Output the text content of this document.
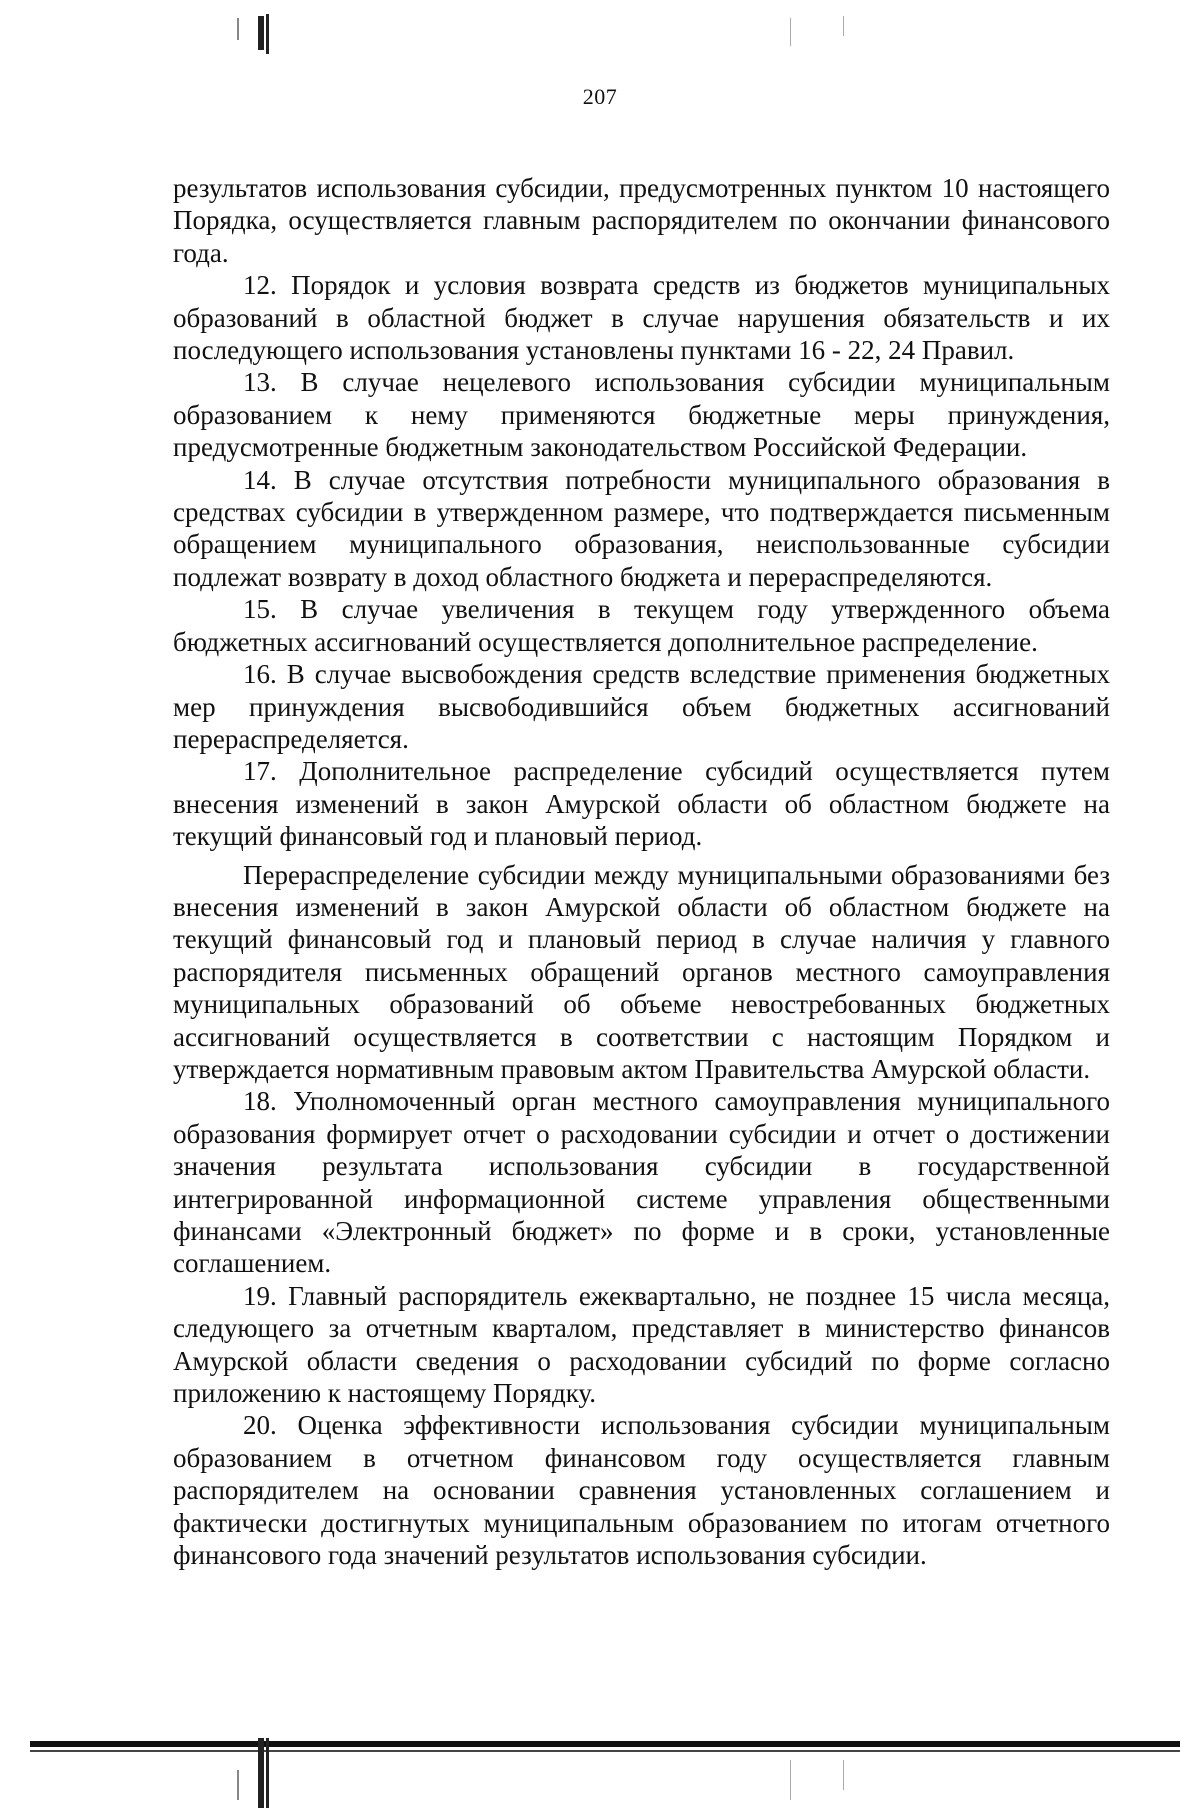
207

результатов использования субсидии, предусмотренных пунктом 10 настоящего Порядка, осуществляется главным распорядителем по окончании финансового года.

12. Порядок и условия возврата средств из бюджетов муниципальных образований в областной бюджет в случае нарушения обязательств и их последующего использования установлены пунктами 16 - 22, 24 Правил.

13. В случае нецелевого использования субсидии муниципальным образованием к нему применяются бюджетные меры принуждения, предусмотренные бюджетным законодательством Российской Федерации.

14. В случае отсутствия потребности муниципального образования в средствах субсидии в утвержденном размере, что подтверждается письменным обращением муниципального образования, неиспользованные субсидии подлежат возврату в доход областного бюджета и перераспределяются.

15. В случае увеличения в текущем году утвержденного объема бюджетных ассигнований осуществляется дополнительное распределение.

16. В случае высвобождения средств вследствие применения бюджетных мер принуждения высвободившийся объем бюджетных ассигнований перераспределяется.

17. Дополнительное распределение субсидий осуществляется путем внесения изменений в закон Амурской области об областном бюджете на текущий финансовый год и плановый период.

Перераспределение субсидии между муниципальными образованиями без внесения изменений в закон Амурской области об областном бюджете на текущий финансовый год и плановый период в случае наличия у главного распорядителя письменных обращений органов местного самоуправления муниципальных образований об объеме невостребованных бюджетных ассигнований осуществляется в соответствии с настоящим Порядком и утверждается нормативным правовым актом Правительства Амурской области.

18. Уполномоченный орган местного самоуправления муниципального образования формирует отчет о расходовании субсидии и отчет о достижении значения результата использования субсидии в государственной интегрированной информационной системе управления общественными финансами «Электронный бюджет» по форме и в сроки, установленные соглашением.

19. Главный распорядитель ежеквартально, не позднее 15 числа месяца, следующего за отчетным кварталом, представляет в министерство финансов Амурской области сведения о расходовании субсидий по форме согласно приложению к настоящему Порядку.

20. Оценка эффективности использования субсидии муниципальным образованием в отчетном финансовом году осуществляется главным распорядителем на основании сравнения установленных соглашением и фактически достигнутых муниципальным образованием по итогам отчетного финансового года значений результатов использования субсидии.
